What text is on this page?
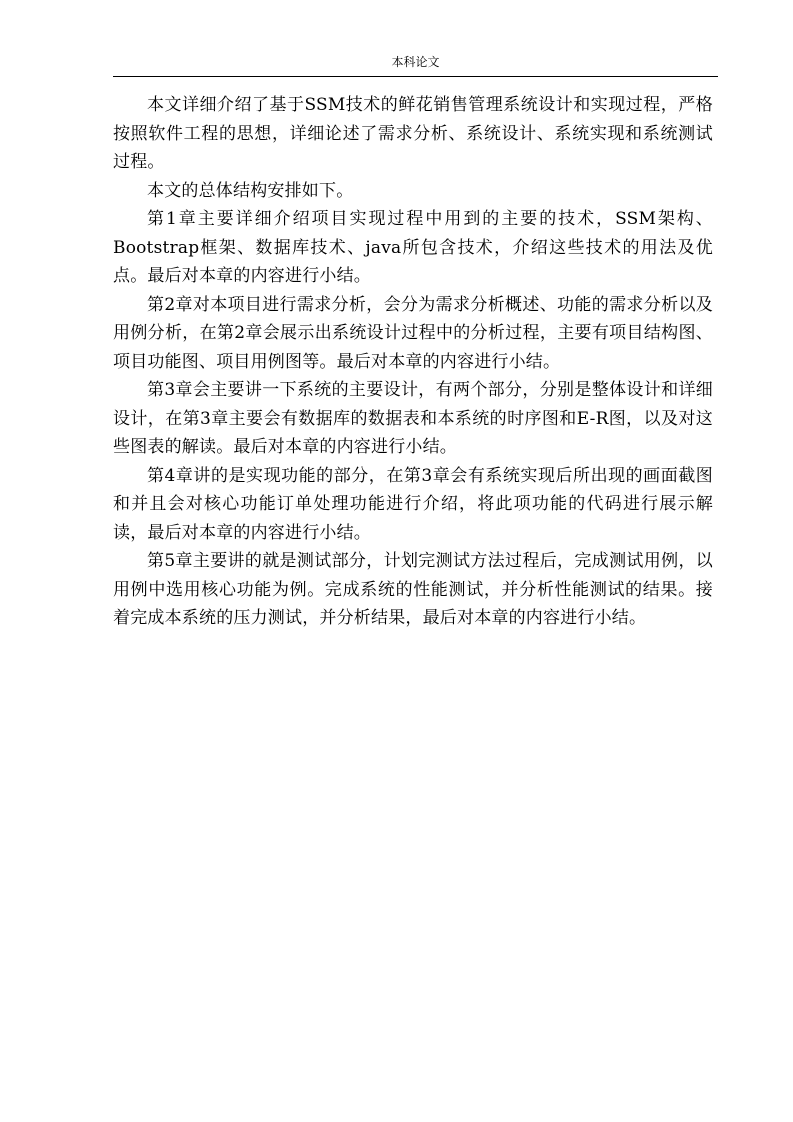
本科论文

本文详细介绍了基于SSM技术的鲜花销售管理系统设计和实现过程，严格按照软件工程的思想，详细论述了需求分析、系统设计、系统实现和系统测试过程。

本文的总体结构安排如下。

第1章主要详细介绍项目实现过程中用到的主要的技术，SSM架构、Bootstrap框架、数据库技术、java所包含技术，介绍这些技术的用法及优点。最后对本章的内容进行小结。

第2章对本项目进行需求分析，会分为需求分析概述、功能的需求分析以及用例分析，在第2章会展示出系统设计过程中的分析过程，主要有项目结构图、项目功能图、项目用例图等。最后对本章的内容进行小结。

第3章会主要讲一下系统的主要设计，有两个部分，分别是整体设计和详细设计，在第3章主要会有数据库的数据表和本系统的时序图和E-R图，以及对这些图表的解读。最后对本章的内容进行小结。

第4章讲的是实现功能的部分，在第3章会有系统实现后所出现的画面截图和并且会对核心功能订单处理功能进行介绍，将此项功能的代码进行展示解读，最后对本章的内容进行小结。

第5章主要讲的就是测试部分，计划完测试方法过程后，完成测试用例，以用例中选用核心功能为例。完成系统的性能测试，并分析性能测试的结果。接着完成本系统的压力测试，并分析结果，最后对本章的内容进行小结。
